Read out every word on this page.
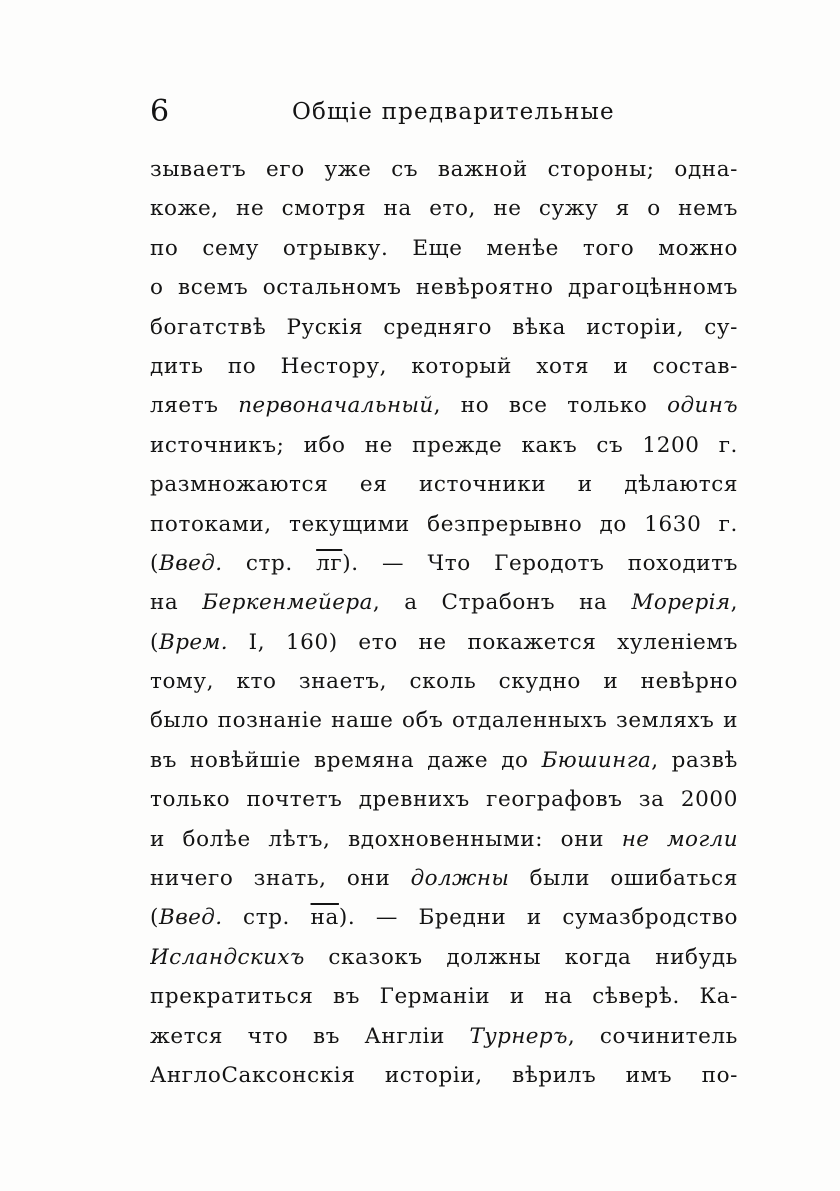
6	Общіе предварительные
зываетъ его уже съ важной стороны; одна-
коже, не смотря на ето, не сужу я о немъ
по сему отрывку. Еще менѣе того можно
о всемъ остальномъ невѣроятно драгоцѣнномъ
богатствѣ Рускія средняго вѣка исторіи, су-
дить по Нестору, который хотя и состав-
ляетъ первоначальный, но все только одинъ
источникъ; ибо не прежде какъ съ 1200 г.
размножаются ея источники и дѣлаются
потоками, текущими безпрерывно до 1630 г.
(Введ. стр. лг). — Что Геродотъ походитъ
на Беркенмейера, а Страбонъ на Морерія,
(Врем. I, 160) ето не покажется хуленіемъ
тому, кто знаетъ, сколь скудно и невѣрно
было познаніе наше объ отдаленныхъ земляхъ и
въ новѣйшіе времяна даже до Бюшинга, развѣ
только почтетъ древнихъ географовъ за 2000
и болѣе лѣтъ, вдохновенными: они не могли
ничего знать, они должны были ошибаться
(Введ. стр. на). — Бредни и сумазбродство
Исландскихъ сказокъ должны когда нибудь
прекратиться въ Германіи и на сѣверѣ. Ка-
жется что въ Англіи Турнеръ, сочинитель
АнглоСаксонскія исторіи, вѣрилъ имъ по-
